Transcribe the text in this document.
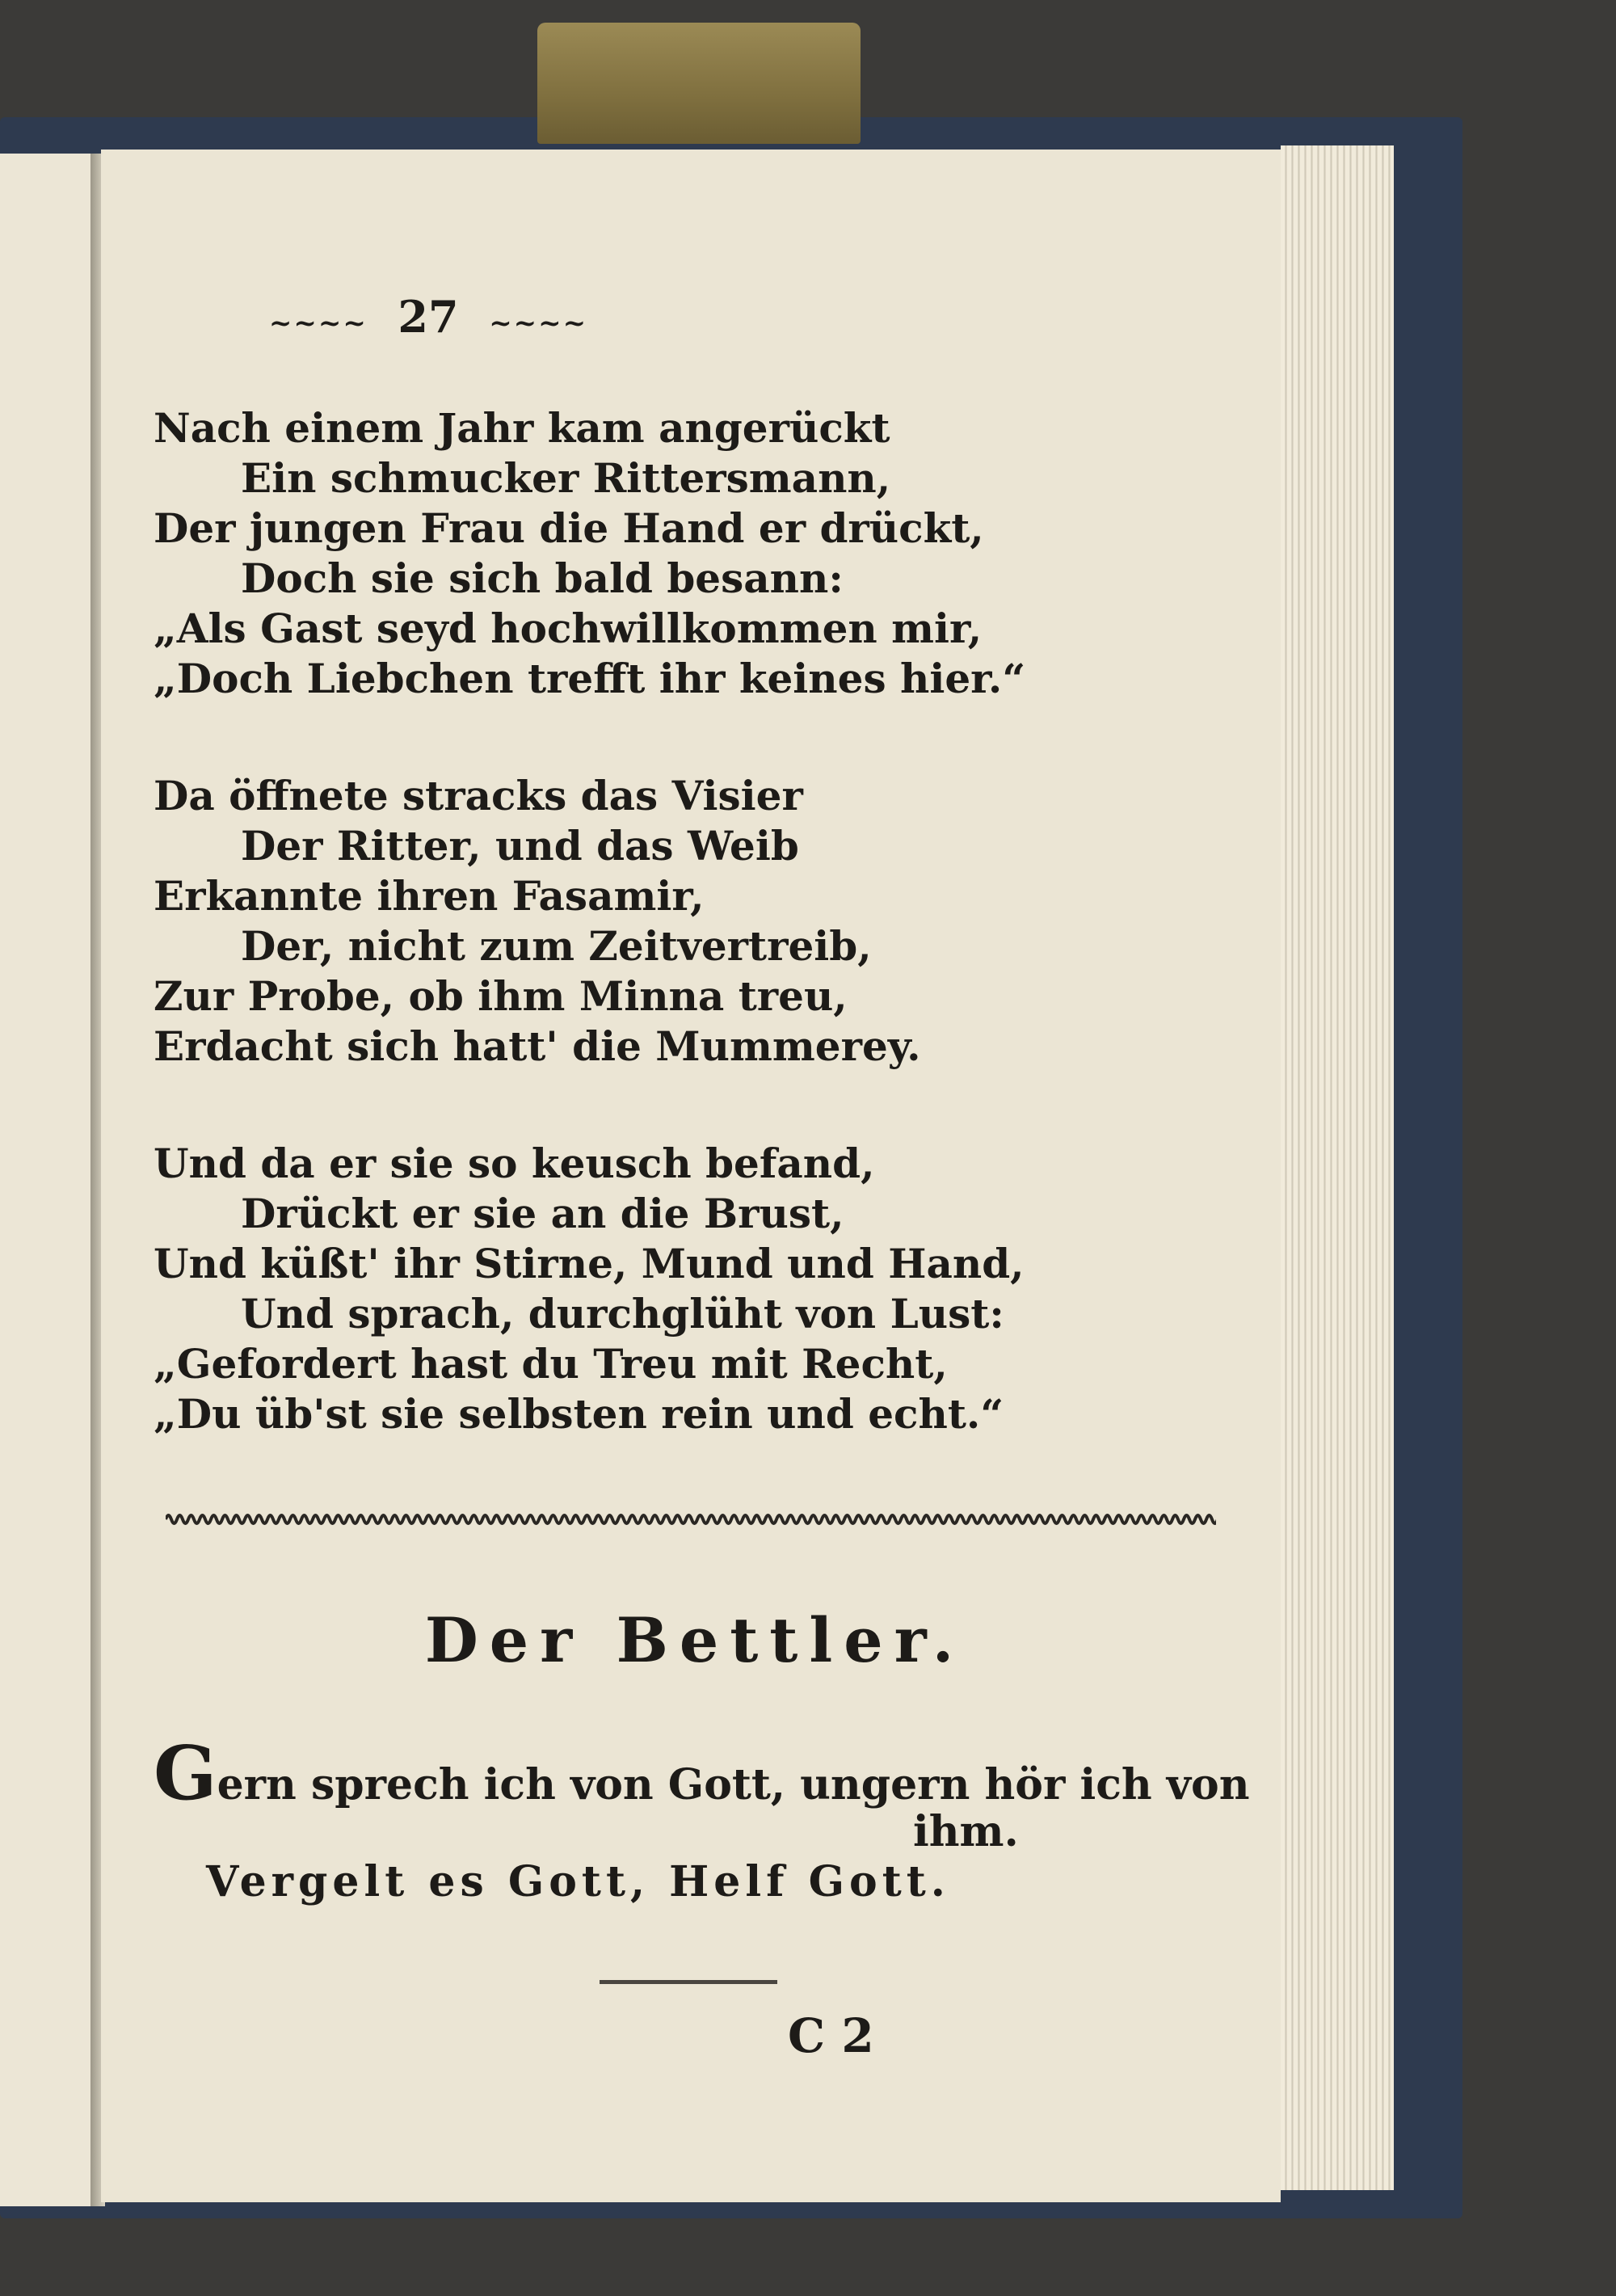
~~~~ 27 ~~~~
Nach einem Jahr kam angerückt
Ein schmucker Rittersmann,
Der jungen Frau die Hand er drückt,
Doch sie sich bald besann:
„Als Gast seyd hochwillkommen mir,
„Doch Liebchen trefft ihr keines hier.“
Da öffnete stracks das Visier
Der Ritter, und das Weib
Erkannte ihren Fasamir,
Der, nicht zum Zeitvertreib,
Zur Probe, ob ihm Minna treu,
Erdacht sich hatt' die Mummerey.
Und da er sie so keusch befand,
Drückt er sie an die Brust,
Und küßt' ihr Stirne, Mund und Hand,
Und sprach, durchglüht von Lust:
„Gefordert hast du Treu mit Recht,
„Du üb'st sie selbsten rein und echt.“
Der Bettler.
Gern sprech ich von Gott, ungern hör ich von
ihm.
Vergelt es Gott, Helf Gott.
C 2
